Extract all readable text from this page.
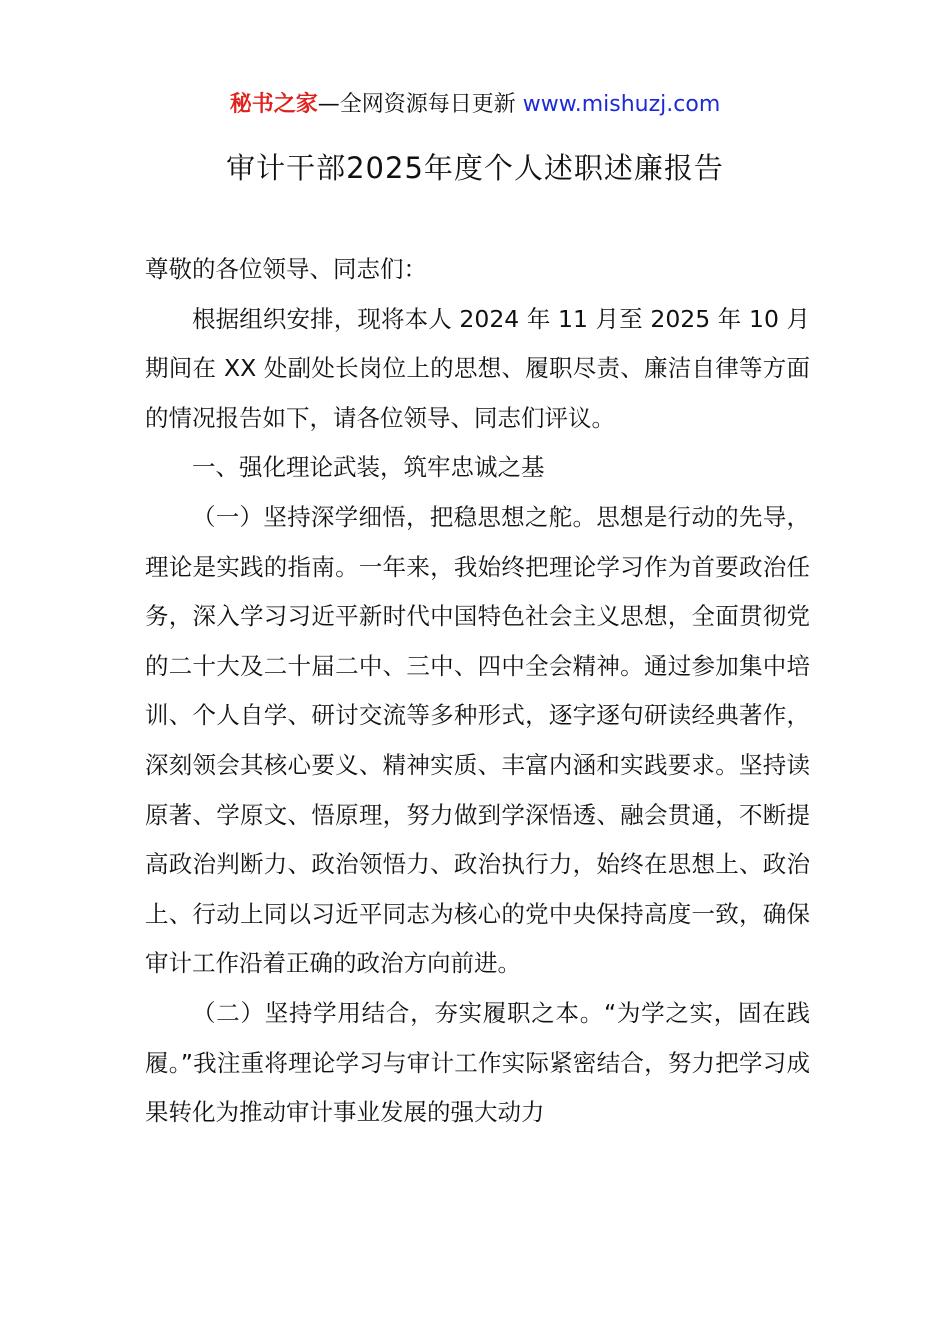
秘书之家—全网资源每日更新 www.mishuzj.com
审计干部2025年度个人述职述廉报告

尊敬的各位领导、同志们：

根据组织安排，现将本人 2024 年 11 月至 2025 年 10 月期间在 XX 处副处长岗位上的思想、履职尽责、廉洁自律等方面的情况报告如下，请各位领导、同志们评议。

一、强化理论武装，筑牢忠诚之基

（一）坚持深学细悟，把稳思想之舵。思想是行动的先导，理论是实践的指南。一年来，我始终把理论学习作为首要政治任务，深入学习习近平新时代中国特色社会主义思想，全面贯彻党的二十大及二十届二中、三中、四中全会精神。通过参加集中培训、个人自学、研讨交流等多种形式，逐字逐句研读经典著作，深刻领会其核心要义、精神实质、丰富内涵和实践要求。坚持读原著、学原文、悟原理，努力做到学深悟透、融会贯通，不断提高政治判断力、政治领悟力、政治执行力，始终在思想上、政治上、行动上同以习近平同志为核心的党中央保持高度一致，确保审计工作沿着正确的政治方向前进。

（二）坚持学用结合，夯实履职之本。“为学之实，固在践履。”我注重将理论学习与审计工作实际紧密结合，努力把学习成果转化为推动审计事业发展的强大动力
